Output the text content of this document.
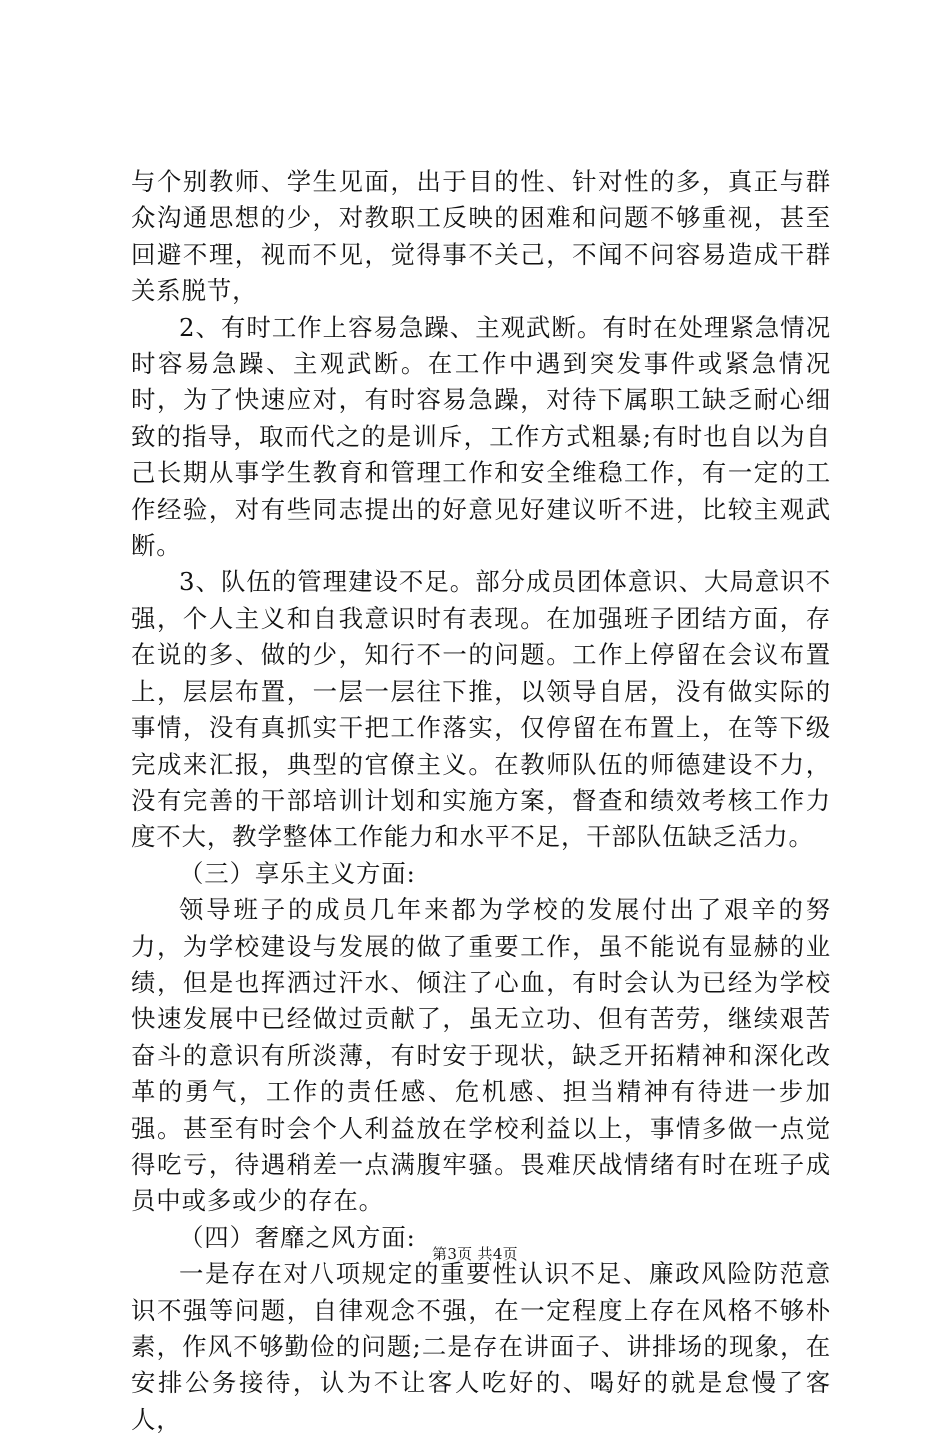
与个别教师、学生见面，出于目的性、针对性的多，真正与群众沟通思想的少，对教职工反映的困难和问题不够重视，甚至回避不理，视而不见，觉得事不关己，不闻不问容易造成干群关系脱节，

2、有时工作上容易急躁、主观武断。有时在处理紧急情况时容易急躁、主观武断。在工作中遇到突发事件或紧急情况时，为了快速应对，有时容易急躁，对待下属职工缺乏耐心细致的指导，取而代之的是训斥，工作方式粗暴;有时也自以为自己长期从事学生教育和管理工作和安全维稳工作，有一定的工作经验，对有些同志提出的好意见好建议听不进，比较主观武断。

3、队伍的管理建设不足。部分成员团体意识、大局意识不强，个人主义和自我意识时有表现。在加强班子团结方面，存在说的多、做的少，知行不一的问题。工作上停留在会议布置上，层层布置，一层一层往下推，以领导自居，没有做实际的事情，没有真抓实干把工作落实，仅停留在布置上，在等下级完成来汇报，典型的官僚主义。在教师队伍的师德建设不力，没有完善的干部培训计划和实施方案，督查和绩效考核工作力度不大，教学整体工作能力和水平不足，干部队伍缺乏活力。

（三）享乐主义方面:

领导班子的成员几年来都为学校的发展付出了艰辛的努力，为学校建设与发展的做了重要工作，虽不能说有显赫的业绩，但是也挥洒过汗水、倾注了心血，有时会认为已经为学校快速发展中已经做过贡献了，虽无立功、但有苦劳，继续艰苦奋斗的意识有所淡薄，有时安于现状，缺乏开拓精神和深化改革的勇气，工作的责任感、危机感、担当精神有待进一步加强。甚至有时会个人利益放在学校利益以上，事情多做一点觉得吃亏，待遇稍差一点满腹牢骚。畏难厌战情绪有时在班子成员中或多或少的存在。

（四）奢靡之风方面:

一是存在对八项规定的重要性认识不足、廉政风险防范意识不强等问题，自律观念不强，在一定程度上存在风格不够朴素，作风不够勤俭的问题;二是存在讲面子、讲排场的现象，在安排公务接待，认为不让客人吃好的、喝好的就是怠慢了客人，

第3页 共4页
